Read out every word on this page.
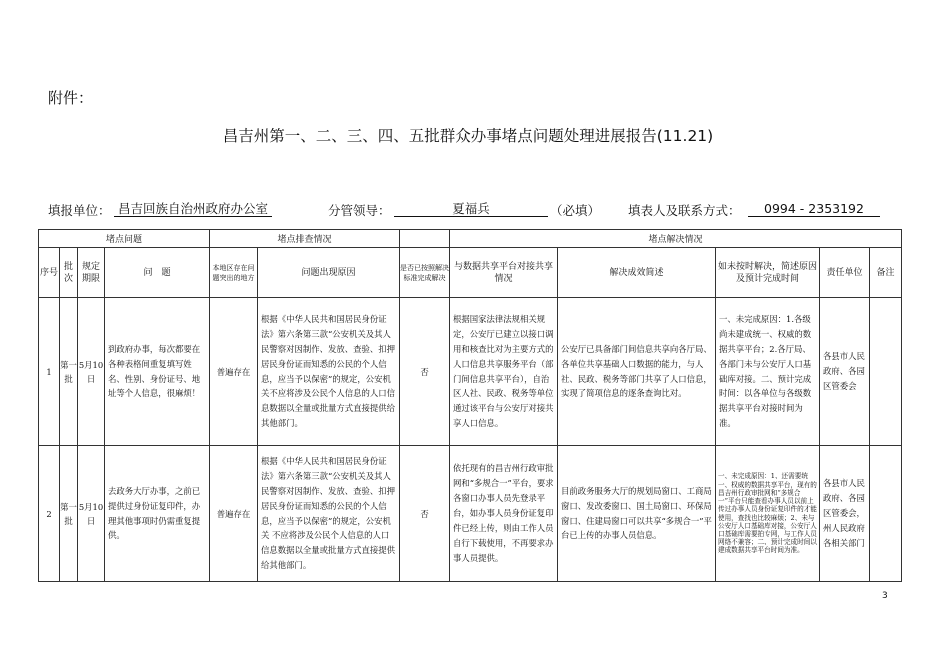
附件：
昌吉州第一、二、三、四、五批群众办事堵点问题处理进展报告(11.21)
填报单位： 昌吉回族自治州政府办公室	分管领导：	夏福兵	（必填） 填表人及联系方式：	0994 - 2353192
堵点问题				堵点排查情况			堵点解决情况				
序号	批次	规定期限	问　题	本地区存在问题突出的地方	问题出现原因	是否已按照解决标准完成解决	与数据共享平台对接共享情况	解决成效简述	如未按时解决，简述原因及预计完成时间	责任单位	备注
1	第一批	5月10日	到政府办事，每次都要在各种表格间重复填写姓名、性别、身份证号、地址等个人信息，很麻烦！	普遍存在	根据《中华人民共和国居民身份证法》第六条第三款“公安机关及其人民警察对因制作、发放、查验、扣押居民身份证而知悉的公民的个人信息，应当予以保密”的规定，公安机关不应将涉及公民个人信息的人口信息数据以全量或批量方式直接提供给其他部门。	否	根据国家法律法规相关规定，公安厅已建立以接口调用和核查比对为主要方式的人口信息共享服务平台（部门间信息共享平台），自治区人社、民政、税务等单位通过该平台与公安厅对接共享人口信息。	公安厅已具备部门间信息共享向各厅局、各单位共享基础人口数据的能力，与人社、民政、税务等部门共享了人口信息，实现了简项信息的逐条查询比对。	一、未完成原因：1.各级尚未建成统一、权威的数据共享平台；2.各厅局、各部门未与公安厅人口基础库对接。二、预计完成时间：以各单位与各级数据共享平台对接时间为准。	各县市人民政府、各园区管委会	
2	第一批	5月10日	去政务大厅办事，之前已提供过身份证复印件，办理其他事项时仍需重复提供。	普遍存在	根据《中华人民共和国居民身份证法》第六条第三款“公安机关及其人民警察对因制作、发放、查验、扣押居民身份证而知悉的公民的个人信息，应当予以保密”的规定，公安机关 不应将涉及公民个人信息的人口信息数据以全量或批量方式直接提供给其他部门。	否	依托现有的昌吉州行政审批网和“多规合一”平台，要求各窗口办事人员先登录平台，如办事人员身份证复印件已经上传，则由工作人员自行下载使用，不再要求办事人员提供。	目前政务服务大厅的规划局窗口、工商局窗口、发改委窗口、国土局窗口、环保局窗口、住建局窗口可以共享“多规合一”平台已上传的办事人员信息。	一、未完成原因：1、还需要统一、权威的数据共享平台，现有的昌吉州行政审批网和“多规合一”平台只能查看办事人员以前上传过办事人员身份证复印件的才能使用，查找也比较麻烦；2、未与公安厅人口基础库对接，公安厅人口基础库需要拍专网，与工作人员网络不兼容；二、预计完成时间以建成数据共享平台时间为准。	各县市人民政府、各园区管委会，州人民政府各相关部门	
3
